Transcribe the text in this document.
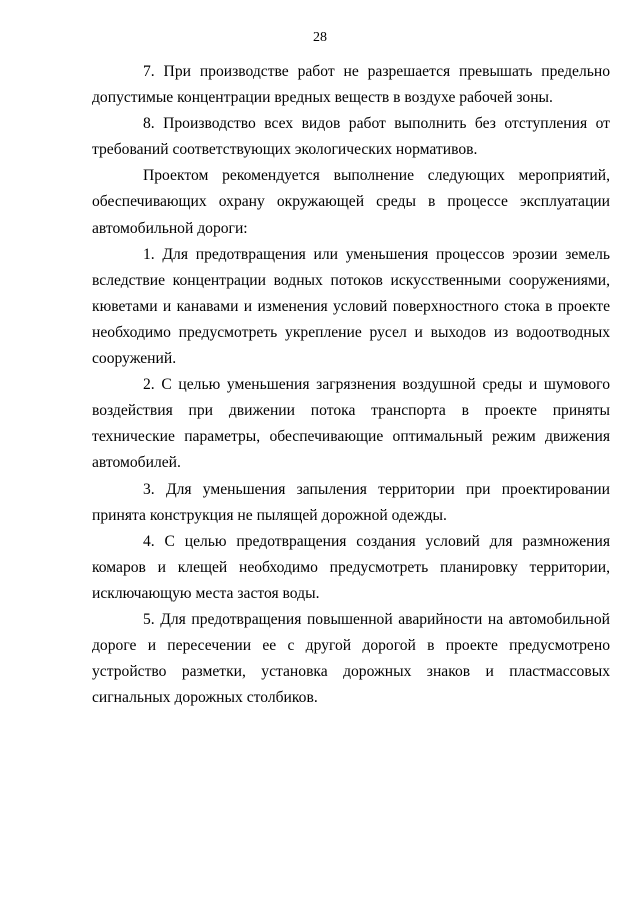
28

7. При производстве работ не разрешается превышать предельно допустимые концентрации вредных веществ в воздухе рабочей зоны.

8. Производство всех видов работ выполнить без отступления от требований соответствующих экологических нормативов.

Проектом рекомендуется выполнение следующих мероприятий, обеспечивающих охрану окружающей среды в процессе эксплуатации автомобильной дороги:

1. Для предотвращения или уменьшения процессов эрозии земель вследствие концентрации водных потоков искусственными сооружениями, кюветами и канавами и изменения условий поверхностного стока в проекте необходимо предусмотреть укрепление русел и выходов из водоотводных сооружений.

2. С целью уменьшения загрязнения воздушной среды и шумового воздействия при движении потока транспорта в проекте приняты технические параметры, обеспечивающие оптимальный режим движения автомобилей.

3. Для уменьшения запыления территории при проектировании принята конструкция не пылящей дорожной одежды.

4. С целью предотвращения создания условий для размножения комаров и клещей необходимо предусмотреть планировку территории, исключающую места застоя воды.

5. Для предотвращения повышенной аварийности на автомобильной дороге и пересечении ее с другой дорогой в проекте предусмотрено устройство разметки, установка дорожных знаков и пластмассовых сигнальных дорожных столбиков.
